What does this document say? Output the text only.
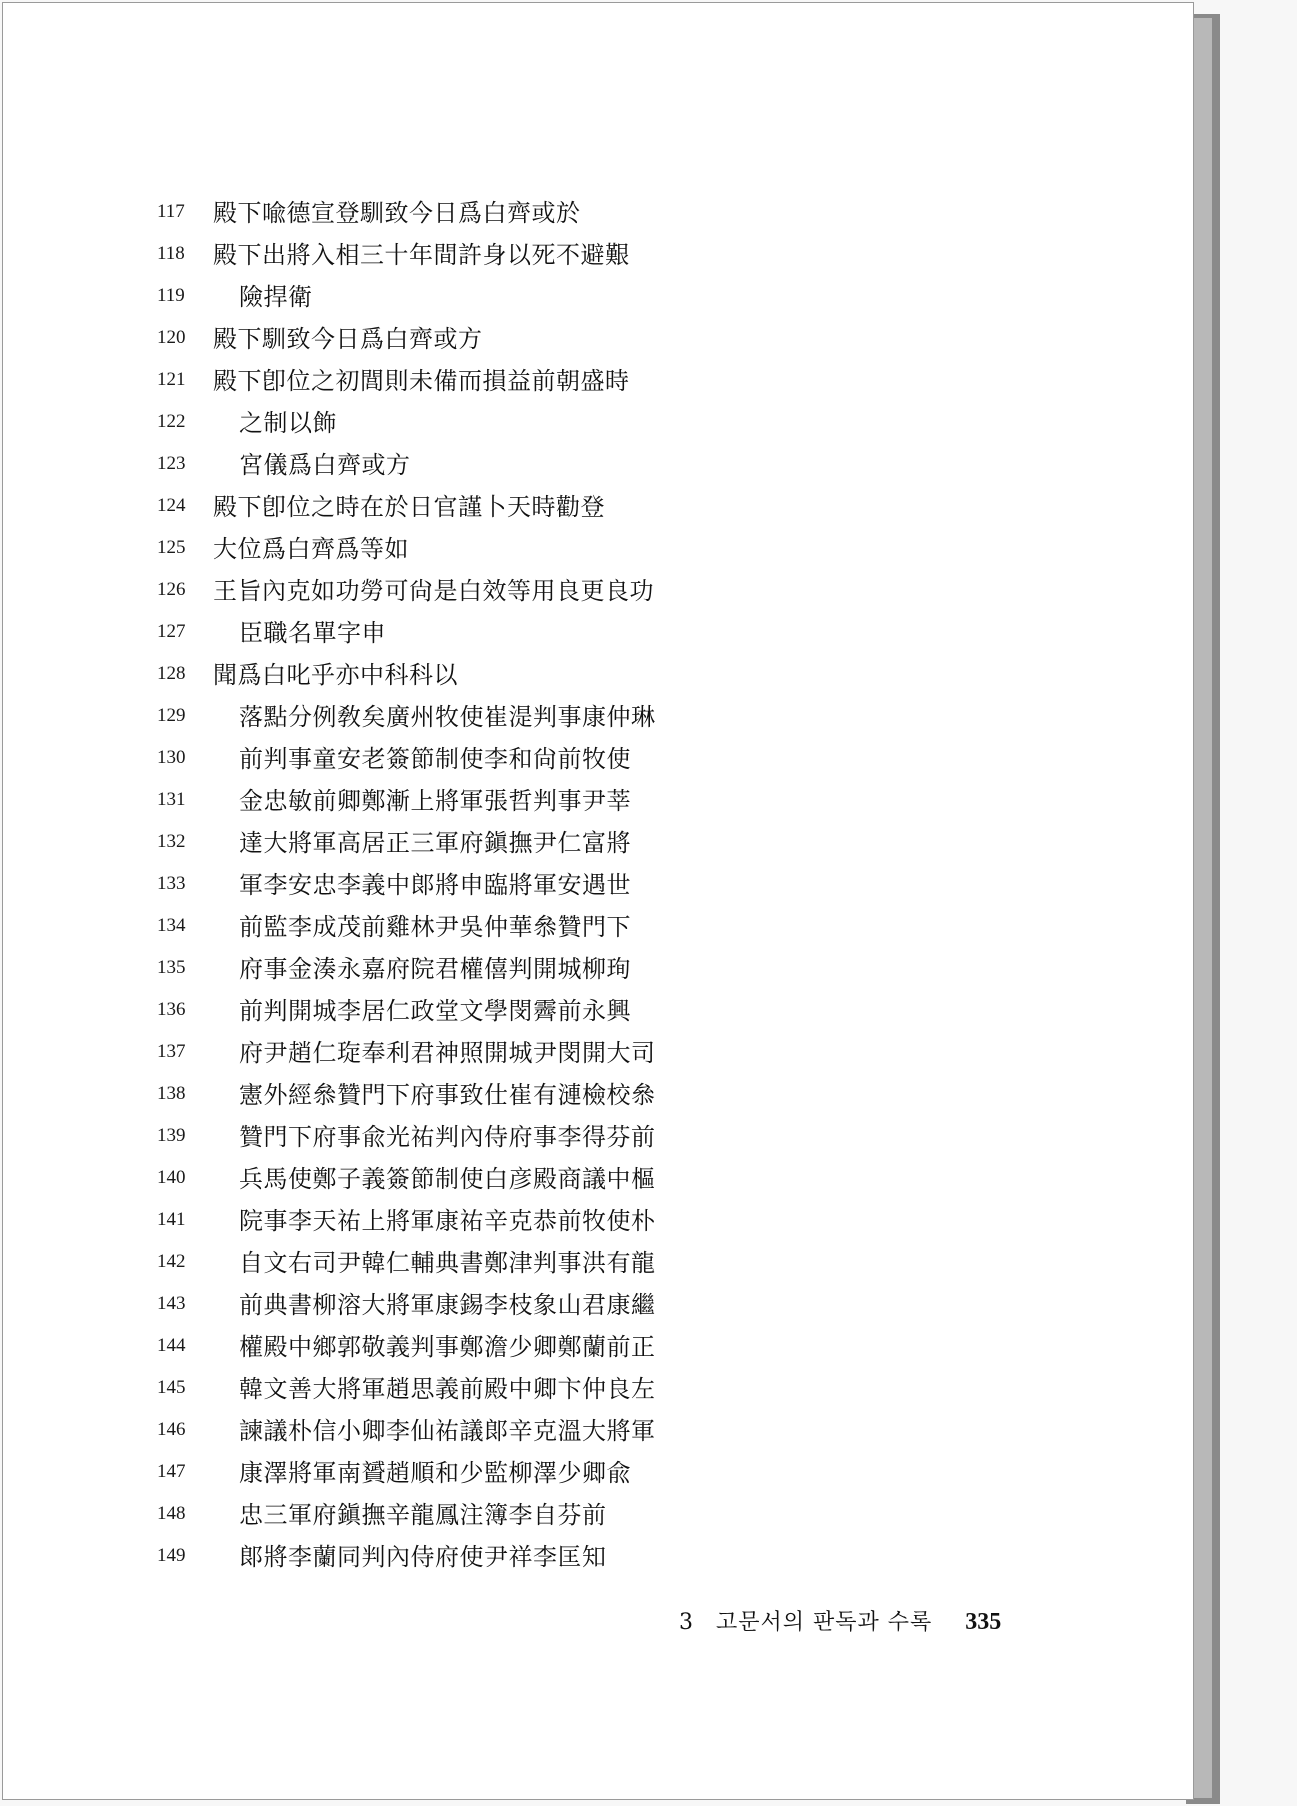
117 殿下喩德宣登馴致今日爲白齊或於
118 殿下出將入相三十年間許身以死不避艱
119 險捍衛
120 殿下馴致今日爲白齊或方
121 殿下卽位之初閭則未備而損益前朝盛時
122 之制以飾
123 宮儀爲白齊或方
124 殿下卽位之時在於日官謹卜天時勸登
125 大位爲白齊爲等如
126 王旨內克如功勞可尙是白效等用良更良功
127 臣職名單字申
128 聞爲白叱乎亦中科科以
129 落點分例敎矣廣州牧使崔湜判事康仲琳
130 前判事童安老簽節制使李和尙前牧使
131 金忠敏前卿鄭漸上將軍張哲判事尹莘
132 達大將軍高居正三軍府鎭撫尹仁富將
133 軍李安忠李義中郞將申臨將軍安遇世
134 前監李成茂前雞林尹吳仲華叅贊門下
135 府事金湊永嘉府院君權僖判開城柳珣
136 前判開城李居仁政堂文學閔霽前永興
137 府尹趙仁琁奉利君神照開城尹閔開大司
138 憲外經叅贊門下府事致仕崔有漣檢校叅
139 贊門下府事兪光祐判內侍府事李得芬前
140 兵馬使鄭子義簽節制使白彦殿商議中樞
141 院事李天祐上將軍康祐辛克恭前牧使朴
142 自文右司尹韓仁輔典書鄭津判事洪有龍
143 前典書柳溶大將軍康錫李枝象山君康繼
144 權殿中鄉郭敬義判事鄭澹少卿鄭蘭前正
145 韓文善大將軍趙思義前殿中卿卞仲良左
146 諫議朴信小卿李仙祐議郞辛克溫大將軍
147 康澤將軍南贇趙順和少監柳澤少卿兪
148 忠三軍府鎭撫辛龍鳳注簿李自芬前
149 郞將李蘭同判內侍府使尹祥李匡知
3 고문서의 판독과 수록 335
